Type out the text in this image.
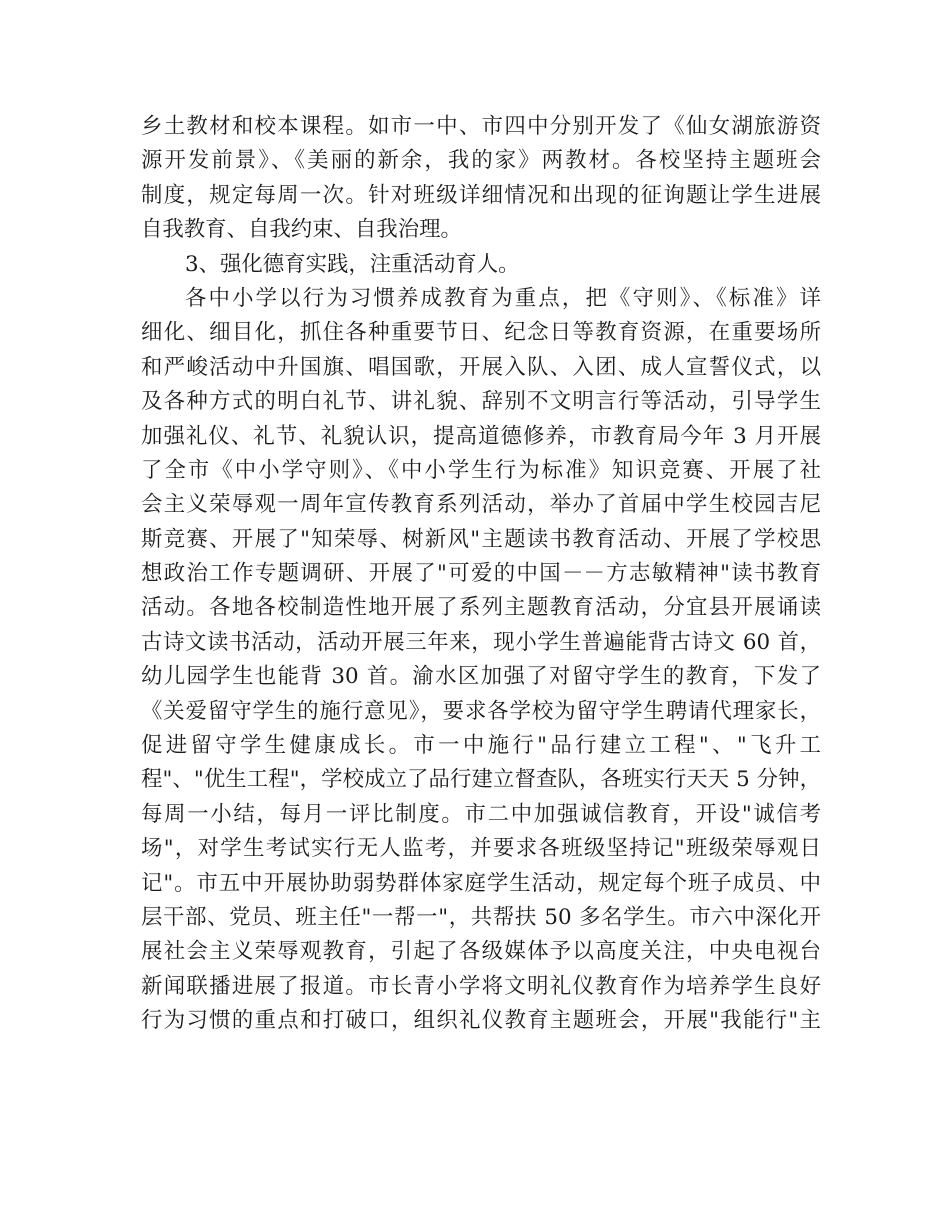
乡土教材和校本课程。如市一中、市四中分别开发了《仙女湖旅游资
源开发前景》、《美丽的新余，我的家》两教材。各校坚持主题班会
制度，规定每周一次。针对班级详细情况和出现的征询题让学生进展
自我教育、自我约束、自我治理。
3、强化德育实践，注重活动育人。
各中小学以行为习惯养成教育为重点，把《守则》、《标准》详
细化、细目化，抓住各种重要节日、纪念日等教育资源，在重要场所
和严峻活动中升国旗、唱国歌，开展入队、入团、成人宣誓仪式，以
及各种方式的明白礼节、讲礼貌、辞别不文明言行等活动，引导学生
加强礼仪、礼节、礼貌认识，提高道德修养，市教育局今年 3 月开展
了全市《中小学守则》、《中小学生行为标准》知识竞赛、开展了社
会主义荣辱观一周年宣传教育系列活动，举办了首届中学生校园吉尼
斯竞赛、开展了"知荣辱、树新风"主题读书教育活动、开展了学校思
想政治工作专题调研、开展了"可爱的中国－－方志敏精神"读书教育
活动。各地各校制造性地开展了系列主题教育活动，分宜县开展诵读
古诗文读书活动，活动开展三年来，现小学生普遍能背古诗文 60 首，
幼儿园学生也能背 30 首。渝水区加强了对留守学生的教育，下发了
《关爱留守学生的施行意见》，要求各学校为留守学生聘请代理家长，
促进留守学生健康成长。市一中施行"品行建立工程"、"飞升工
程"、"优生工程"，学校成立了品行建立督查队，各班实行天天 5 分钟，
每周一小结，每月一评比制度。市二中加强诚信教育，开设"诚信考
场"，对学生考试实行无人监考，并要求各班级坚持记"班级荣辱观日
记"。市五中开展协助弱势群体家庭学生活动，规定每个班子成员、中
层干部、党员、班主任"一帮一"，共帮扶 50 多名学生。市六中深化开
展社会主义荣辱观教育，引起了各级媒体予以高度关注，中央电视台
新闻联播进展了报道。市长青小学将文明礼仪教育作为培养学生良好
行为习惯的重点和打破口，组织礼仪教育主题班会，开展"我能行"主
